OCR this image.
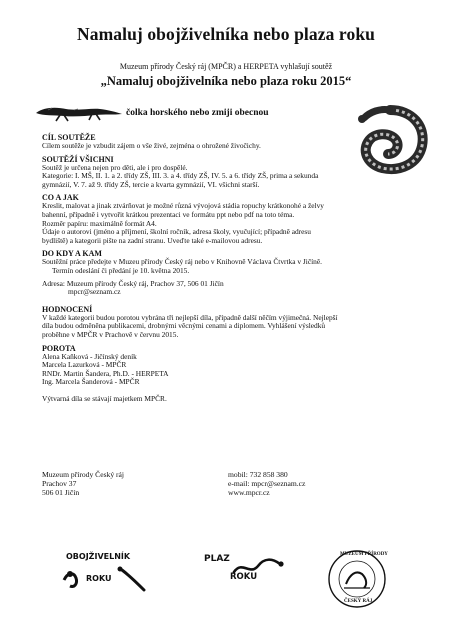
Namaluj obojživelníka nebo plaza roku
Muzeum přírody Český ráj (MPČR) a HERPETA vyhlašují soutěž
„Namaluj obojživelníka nebo plaza roku 2015“
čolka horského nebo zmiji obecnou
CÍL SOUTĚŽE

Cílem soutěže je vzbudit zájem o vše živé, zejména o ohrožené živočichy.

SOUTĚŽÍ VŠICHNI

Soutěž je určena nejen pro děti, ale i pro dospělé.

Kategorie: I. MŠ, II. 1. a 2. třídy ZŠ, III. 3. a 4. třídy ZŠ, IV. 5. a 6. třídy ZŠ, prima a sekunda

gymnázií, V. 7. až 9. třídy ZŠ, tercie a kvarta gymnázií, VI. všichni starší.

CO A JAK

Kreslit, malovat a jinak ztvárňovat je možné různá vývojová stádia ropuchy krátkonohé a želvy

bahenní, případně i vytvořit krátkou prezentaci ve formátu ppt nebo pdf na toto téma.

Rozměr papíru: maximálně formát A4.

Údaje o autorovi (jméno a příjmení, školní ročník, adresa školy, vyučující; případně adresu

bydliště) a kategorii pište na zadní stranu. Uveďte také e-mailovou adresu.

DO KDY A KAM

Soutěžní práce předejte v Muzeu přírody Český ráj nebo v Knihovně Václava Čtvrtka v Jičíně.

Termín odeslání či předání je 10. května 2015.

Adresa: Muzeum přírody Český ráj, Prachov 37, 506 01 Jičín

mpcr@seznam.cz

HODNOCENÍ

V každé kategorii budou porotou vybrána tři nejlepší díla, případně další něčím výjimečná. Nejlepší

díla budou odměněna publikacemi, drobnými věcnými cenami a diplomem. Vyhlášení výsledků

proběhne v MPČR v Prachově v červnu 2015.

POROTA

Alena Kaňková - Jičínský deník

Marcela Lazurková - MPČR

RNDr. Martin Šandera, Ph.D. - HERPETA

Ing. Marcela Šanderová - MPČR

Výtvarná díla se stávají majetkem MPČR.

Muzeum přírody Český ráj

Prachov 37

506 01 Jičín

mobil: 732 858 380

e-mail: mpcr@seznam.cz

www.mpcr.cz

OBOJŽIVELNÍK
ROKU
PLAZ
ROKU
MUZEUM PŘÍRODY
ČESKÝ RÁJ
